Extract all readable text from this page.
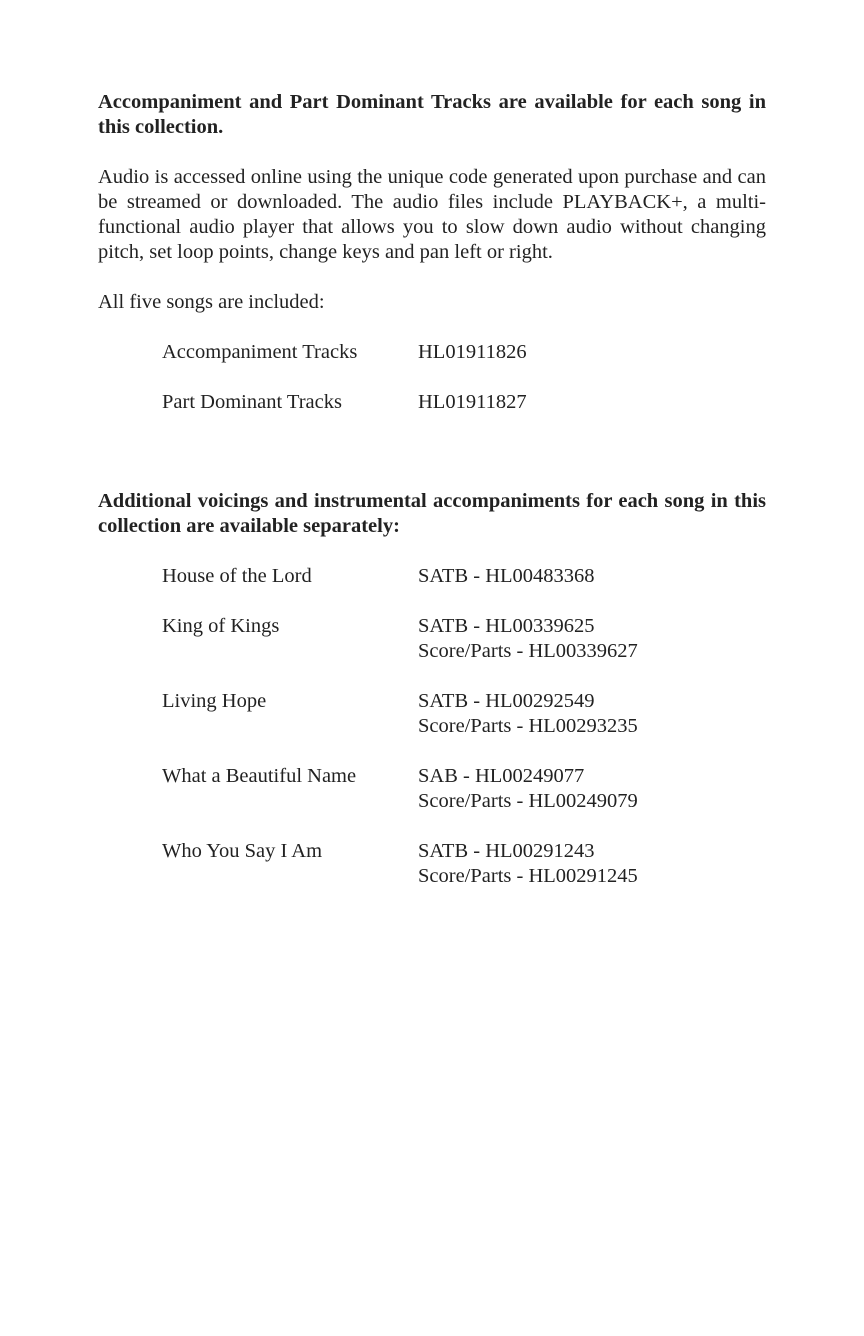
Accompaniment and Part Dominant Tracks are available for each song in this collection.

Audio is accessed online using the unique code generated upon purchase and can be streamed or downloaded. The audio files include PLAYBACK+, a multi-functional audio player that allows you to slow down audio without changing pitch, set loop points, change keys and pan left or right.

All five songs are included:

Accompaniment Tracks	HL01911826
Part Dominant Tracks	HL01911827

Additional voicings and instrumental accompaniments for each song in this collection are available separately:

House of the Lord	SATB - HL00483368
King of Kings	SATB - HL00339625
Score/Parts - HL00339627
Living Hope	SATB - HL00292549
Score/Parts - HL00293235
What a Beautiful Name	SAB - HL00249077
Score/Parts - HL00249079
Who You Say I Am	SATB - HL00291243
Score/Parts - HL00291245
